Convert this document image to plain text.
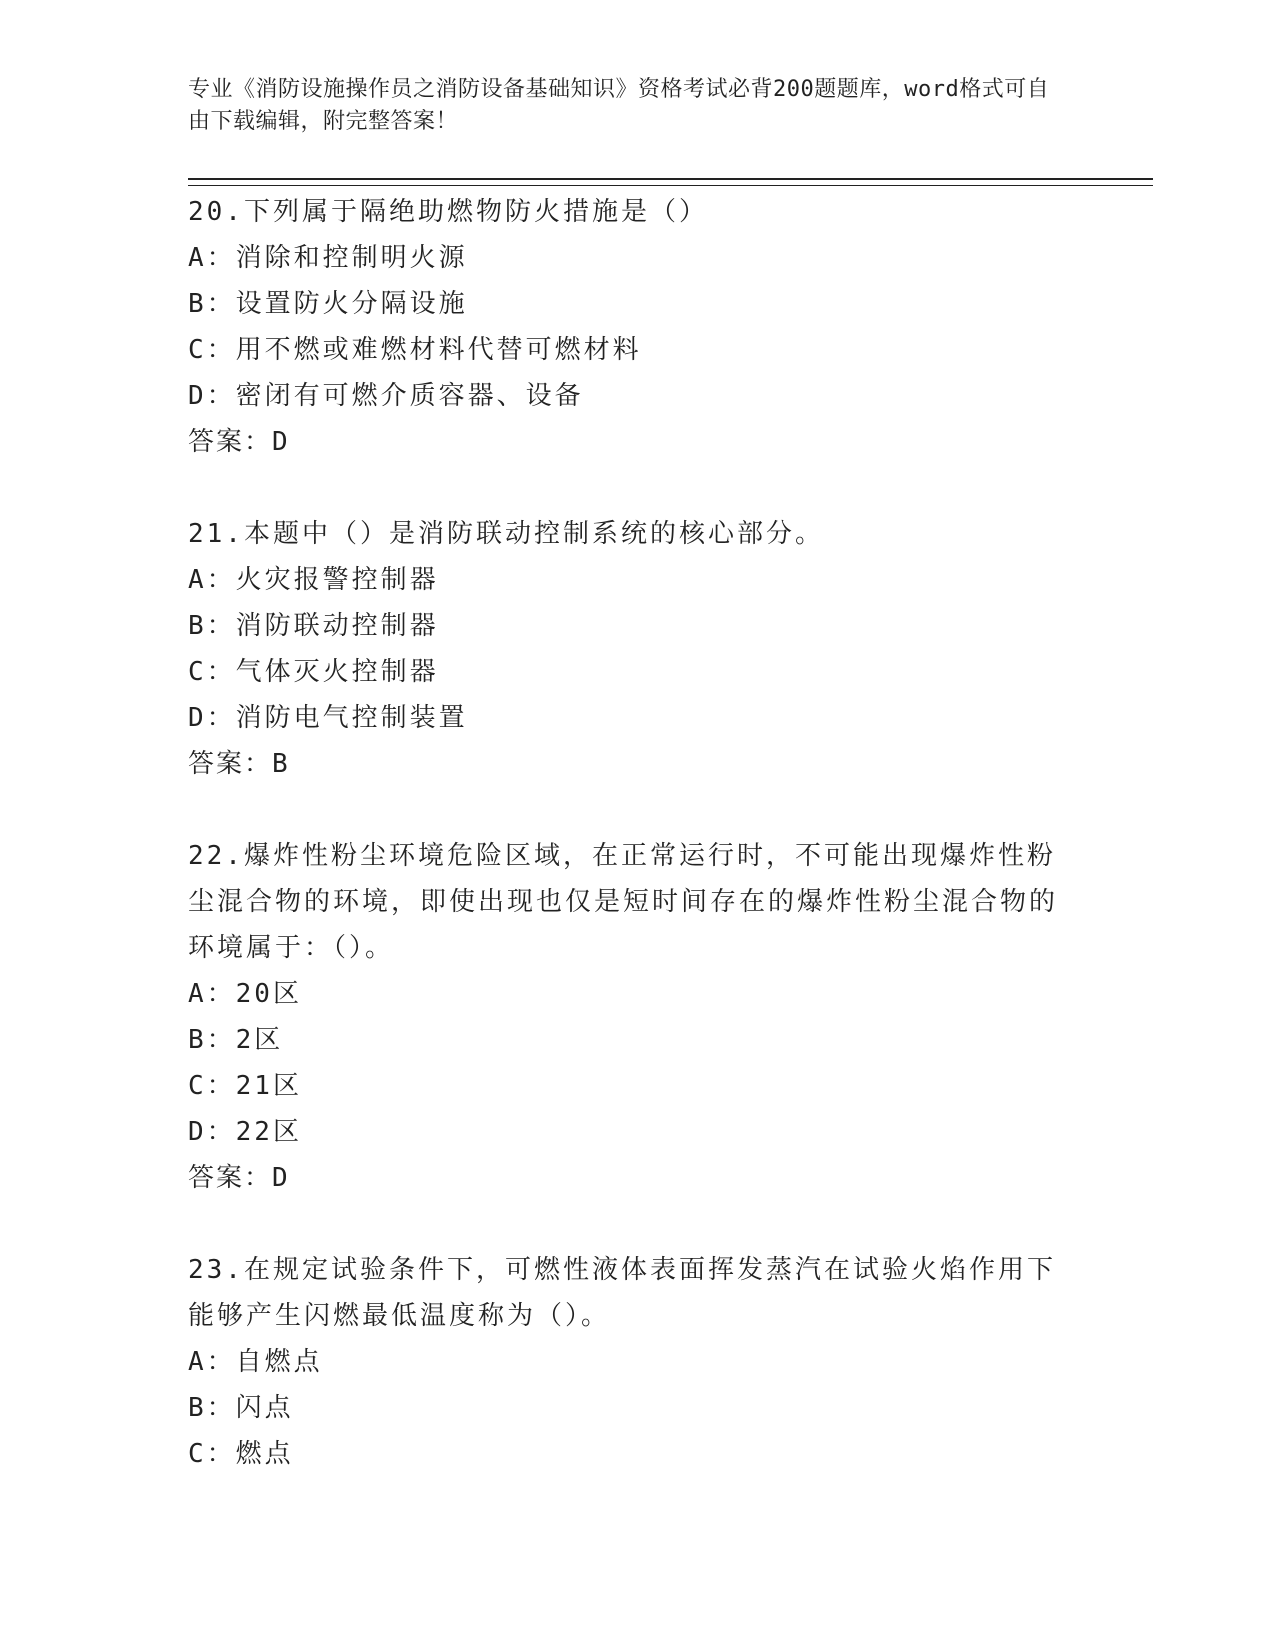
专业《消防设施操作员之消防设备基础知识》资格考试必背200题题库，word格式可自由下载编辑，附完整答案！
20.下列属于隔绝助燃物防火措施是（）
A：消除和控制明火源
B：设置防火分隔设施
C：用不燃或难燃材料代替可燃材料
D：密闭有可燃介质容器、设备
答案：D
21.本题中（）是消防联动控制系统的核心部分。
A：火灾报警控制器
B：消防联动控制器
C：气体灭火控制器
D：消防电气控制装置
答案：B
22.爆炸性粉尘环境危险区域，在正常运行时，不可能出现爆炸性粉尘混合物的环境，即使出现也仅是短时间存在的爆炸性粉尘混合物的环境属于：（）。
A：20区
B：2区
C：21区
D：22区
答案：D
23.在规定试验条件下，可燃性液体表面挥发蒸汽在试验火焰作用下能够产生闪燃最低温度称为（）。
A：自燃点
B：闪点
C：燃点
